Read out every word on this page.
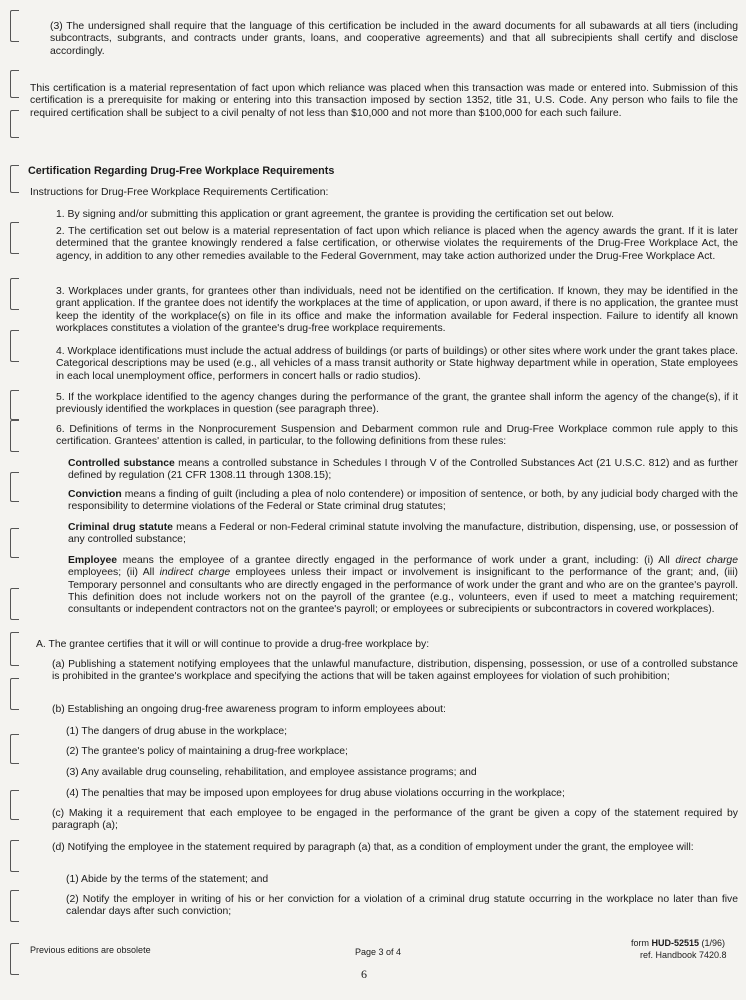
(3) The undersigned shall require that the language of this certification be included in the award documents for all subawards at all tiers (including subcontracts, subgrants, and contracts under grants, loans, and cooperative agreements) and that all subrecipients shall certify and disclose accordingly.

This certification is a material representation of fact upon which reliance was placed when this transaction was made or entered into. Submission of this certification is a prerequisite for making or entering into this transaction imposed by section 1352, title 31, U.S. Code. Any person who fails to file the required certification shall be subject to a civil penalty of not less than $10,000 and not more than $100,000 for each such failure.

Certification Regarding Drug-Free Workplace Requirements

Instructions for Drug-Free Workplace Requirements Certification:

1. By signing and/or submitting this application or grant agreement, the grantee is providing the certification set out below.

2. The certification set out below is a material representation of fact upon which reliance is placed when the agency awards the grant. If it is later determined that the grantee knowingly rendered a false certification, or otherwise violates the requirements of the Drug-Free Workplace Act, the agency, in addition to any other remedies available to the Federal Government, may take action authorized under the Drug-Free Workplace Act.

3. Workplaces under grants, for grantees other than individuals, need not be identified on the certification. If known, they may be identified in the grant application. If the grantee does not identify the workplaces at the time of application, or upon award, if there is no application, the grantee must keep the identity of the workplace(s) on file in its office and make the information available for Federal inspection. Failure to identify all known workplaces constitutes a violation of the grantee's drug-free workplace requirements.

4. Workplace identifications must include the actual address of buildings (or parts of buildings) or other sites where work under the grant takes place. Categorical descriptions may be used (e.g., all vehicles of a mass transit authority or State highway department while in operation, State employees in each local unemployment office, performers in concert halls or radio studios).

5. If the workplace identified to the agency changes during the performance of the grant, the grantee shall inform the agency of the change(s), if it previously identified the workplaces in question (see paragraph three).

6. Definitions of terms in the Nonprocurement Suspension and Debarment common rule and Drug-Free Workplace common rule apply to this certification. Grantees' attention is called, in particular, to the following definitions from these rules:

Controlled substance means a controlled substance in Schedules I through V of the Controlled Substances Act (21 U.S.C. 812) and as further defined by regulation (21 CFR 1308.11 through 1308.15);

Conviction means a finding of guilt (including a plea of nolo contendere) or imposition of sentence, or both, by any judicial body charged with the responsibility to determine violations of the Federal or State criminal drug statutes;

Criminal drug statute means a Federal or non-Federal criminal statute involving the manufacture, distribution, dispensing, use, or possession of any controlled substance;

Employee means the employee of a grantee directly engaged in the performance of work under a grant, including: (i) All direct charge employees; (ii) All indirect charge employees unless their impact or involvement is insignificant to the performance of the grant; and, (iii) Temporary personnel and consultants who are directly engaged in the performance of work under the grant and who are on the grantee's payroll. This definition does not include workers not on the payroll of the grantee (e.g., volunteers, even if used to meet a matching requirement; consultants or independent contractors not on the grantee's payroll; or employees or subrecipients or subcontractors in covered workplaces).

A. The grantee certifies that it will or will continue to provide a drug-free workplace by:

(a) Publishing a statement notifying employees that the unlawful manufacture, distribution, dispensing, possession, or use of a controlled substance is prohibited in the grantee's workplace and specifying the actions that will be taken against employees for violation of such prohibition;

(b) Establishing an ongoing drug-free awareness program to inform employees about:

(1) The dangers of drug abuse in the workplace;

(2) The grantee's policy of maintaining a drug-free workplace;

(3) Any available drug counseling, rehabilitation, and employee assistance programs; and

(4) The penalties that may be imposed upon employees for drug abuse violations occurring in the workplace;

(c) Making it a requirement that each employee to be engaged in the performance of the grant be given a copy of the statement required by paragraph (a);

(d) Notifying the employee in the statement required by paragraph (a) that, as a condition of employment under the grant, the employee will:

(1) Abide by the terms of the statement; and

(2) Notify the employer in writing of his or her conviction for a violation of a criminal drug statute occurring in the workplace no later than five calendar days after such conviction;

Previous editions are obsolete	Page 3 of 4
form HUD-52515 (1/96)
ref. Handbook 7420.8
6
